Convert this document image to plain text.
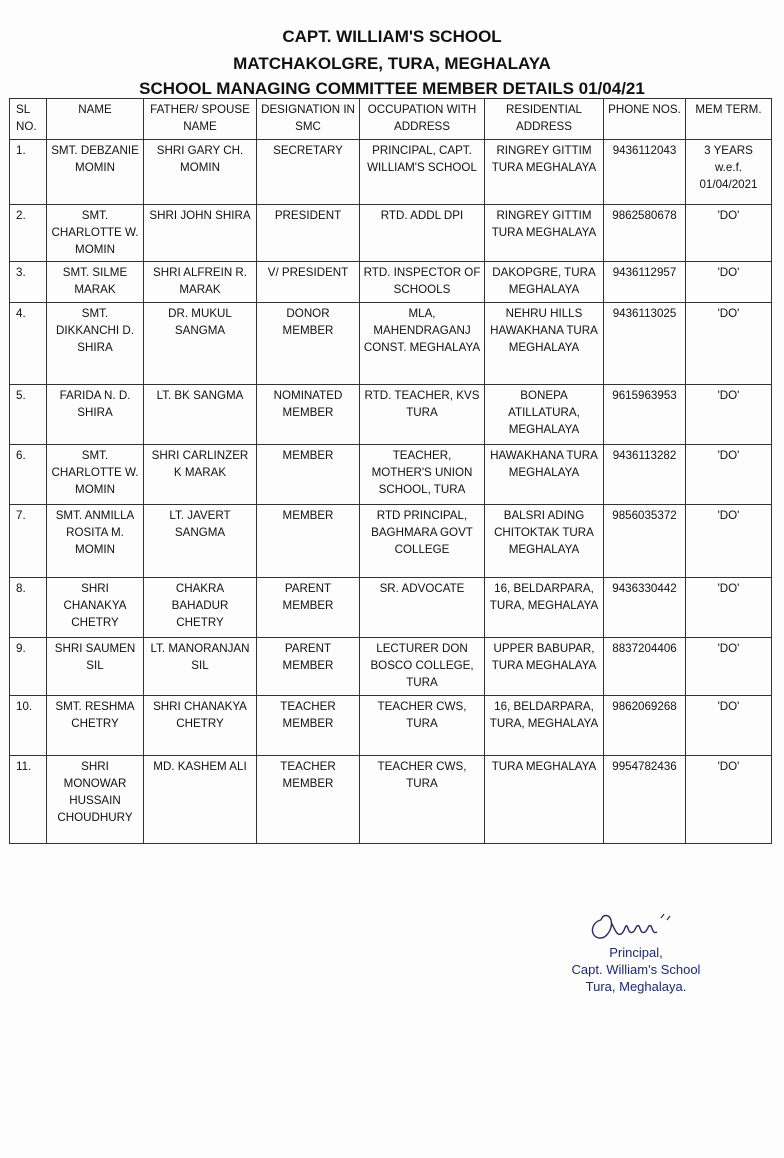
CAPT. WILLIAM'S SCHOOL
MATCHAKOLGRE, TURA, MEGHALAYA
SCHOOL MANAGING COMMITTEE MEMBER DETAILS 01/04/21
SL NO.	NAME	FATHER/ SPOUSE NAME	DESIGNATION IN SMC	OCCUPATION WITH ADDRESS	RESIDENTIAL ADDRESS	PHONE NOS.	MEM TERM.
1.	SMT. DEBZANIE MOMIN	SHRI GARY CH. MOMIN	SECRETARY	PRINCIPAL, CAPT. WILLIAM'S SCHOOL	RINGREY GITTIM TURA MEGHALAYA	9436112043	3 YEARS w.e.f. 01/04/2021
2.	SMT. CHARLOTTE W. MOMIN	SHRI JOHN SHIRA	PRESIDENT	RTD. ADDL DPI	RINGREY GITTIM TURA MEGHALAYA	9862580678	'DO'
3.	SMT. SILME MARAK	SHRI ALFREIN R. MARAK	V/ PRESIDENT	RTD. INSPECTOR OF SCHOOLS	DAKOPGRE, TURA MEGHALAYA	9436112957	'DO'
4.	SMT. DIKKANCHI D. SHIRA	DR. MUKUL SANGMA	DONOR MEMBER	MLA, MAHENDRAGANJ CONST. MEGHALAYA	NEHRU HILLS HAWAKHANA TURA MEGHALAYA	9436113025	'DO'
5.	FARIDA N. D. SHIRA	LT. BK SANGMA	NOMINATED MEMBER	RTD. TEACHER, KVS TURA	BONEPA ATILLATURA, MEGHALAYA	9615963953	'DO'
6.	SMT. CHARLOTTE W. MOMIN	SHRI CARLINZER K MARAK	MEMBER	TEACHER, MOTHER'S UNION SCHOOL, TURA	HAWAKHANA TURA MEGHALAYA	9436113282	'DO'
7.	SMT. ANMILLA ROSITA M. MOMIN	LT. JAVERT SANGMA	MEMBER	RTD PRINCIPAL, BAGHMARA GOVT COLLEGE	BALSRI ADING CHITOKTAK TURA MEGHALAYA	9856035372	'DO'
8.	SHRI CHANAKYA CHETRY	CHAKRA BAHADUR CHETRY	PARENT MEMBER	SR. ADVOCATE	16, BELDARPARA, TURA, MEGHALAYA	9436330442	'DO'
9.	SHRI SAUMEN SIL	LT. MANORANJAN SIL	PARENT MEMBER	LECTURER DON BOSCO COLLEGE, TURA	UPPER BABUPAR, TURA MEGHALAYA	8837204406	'DO'
10.	SMT. RESHMA CHETRY	SHRI CHANAKYA CHETRY	TEACHER MEMBER	TEACHER CWS, TURA	16, BELDARPARA, TURA, MEGHALAYA	9862069268	'DO'
11.	SHRI MONOWAR HUSSAIN CHOUDHURY	MD. KASHEM ALI	TEACHER MEMBER	TEACHER CWS, TURA	TURA MEGHALAYA	9954782436	'DO'
Principal,
Capt. William's School
Tura, Meghalaya.
